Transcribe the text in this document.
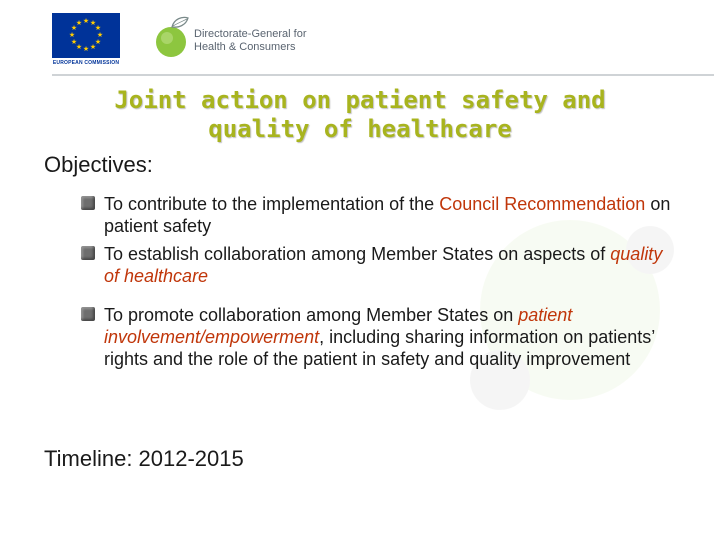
★ ★
★
★
★
★
★
★
★
★
★
★
EUROPEAN COMMISSION
Directorate-General for
Health & Consumers
Joint action on patient safety and
quality of healthcare
Objectives:
To contribute to the implementation of the Council Recommendation on patient safety
To establish collaboration among Member States on aspects of quality of healthcare
To promote collaboration among Member States on patient involvement/empowerment, including sharing information on patients’ rights and the role of the patient in safety and quality improvement
Timeline: 2012-2015
